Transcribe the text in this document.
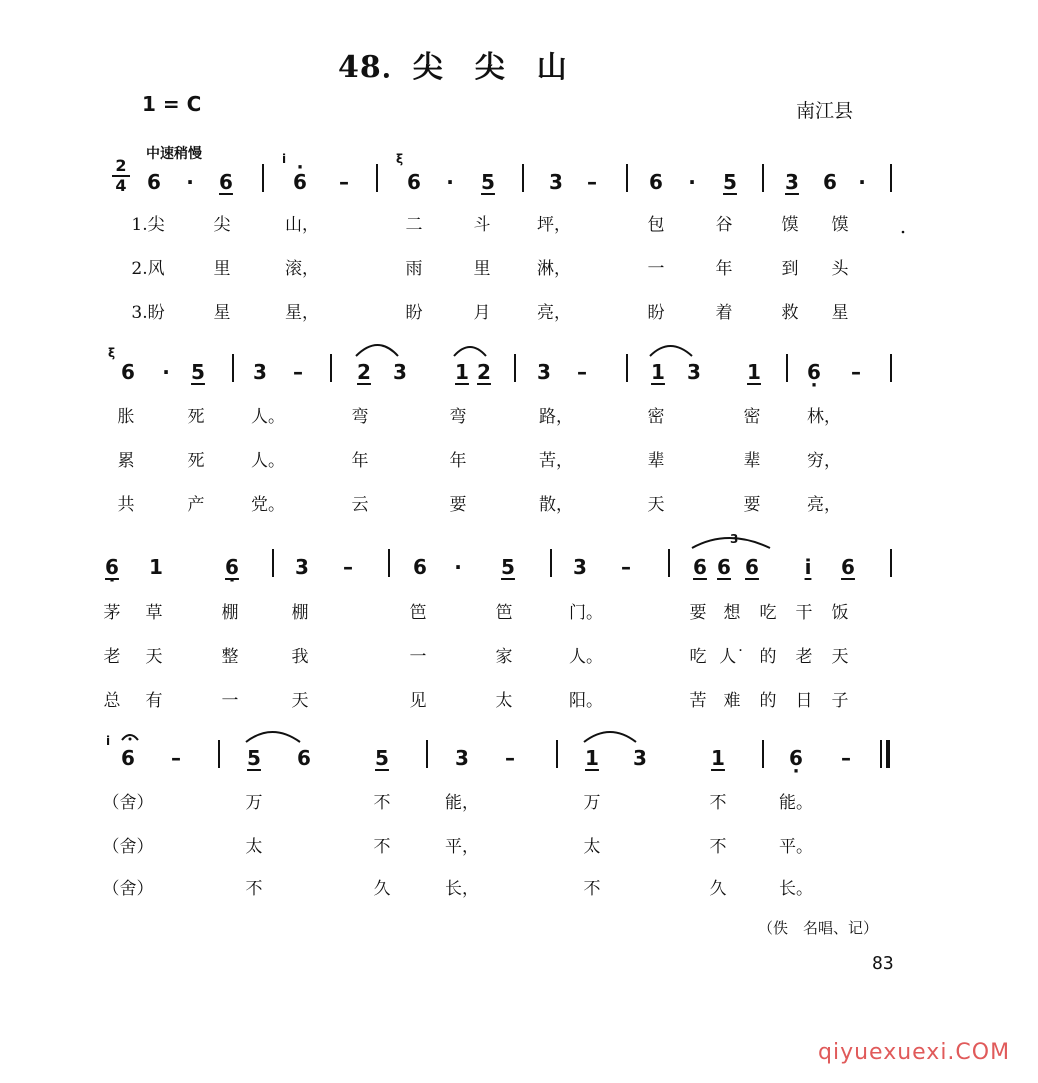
48．尖　尖　山
1 = C	南江县
中速稍慢
2
4
i	ξ
ξ
i
6	·	6
·	6	–	6	·	5	3	–	6	·	5 3 6	·
1.尖	尖	山，	二	斗	坪，	包	谷	馍	馍
2.风	里	滚，	雨	里	淋，	一	年	到	头
3.盼	星	星，	盼	月	亮，	盼	着	救	星
6	·	5 3	–	2 3 1 2 3	–	1 3 1 6 ·	–
胀	死	人。	弯	弯	路，	密	密	林，
累	死	人。	年	年	苦，	辈	辈	穷，
共	产	党。	云	要	散，	天	要	亮，
6 · 1	6 ·	3	–	6	·	5	3	–	6 6 6	i	6
3
茅	草	棚	棚	笆	笆	门。	要	想	吃	干	饭
老	天	整	我	一	家	人。	吃 人˙ 的	老	天
总	有	一	天	见	太	阳。	苦	难	的	日	子
6	–	5 6	5	3	–	1 3	1	6 ·	–
（舍）	万	不	能，	万	不	能。
（舍）	太	不	平，	太	不	平。
（舍）	不	久	长，	不	久	长。
（佚　名唱、记）
83
qiyuexuexi.COM
